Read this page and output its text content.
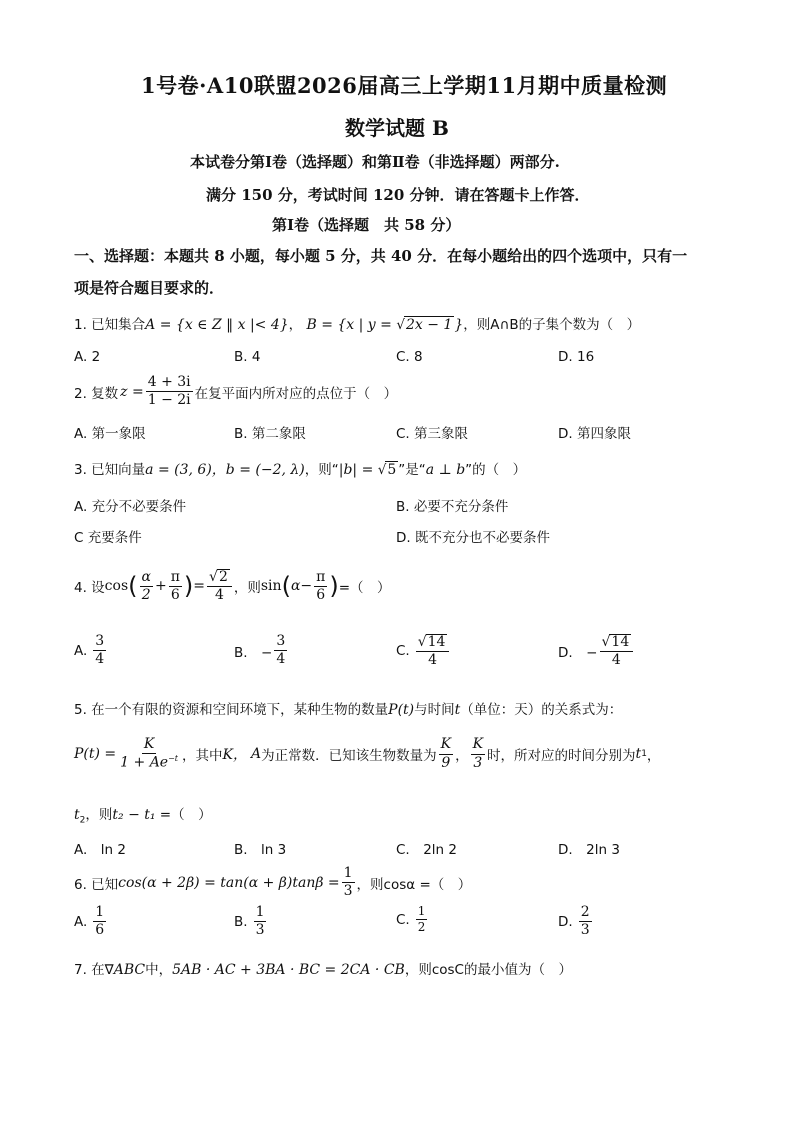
1号卷·A10联盟2026届高三上学期11月期中质量检测
数学试题 B
本试卷分第Ⅰ卷（选择题）和第Ⅱ卷（非选择题）两部分.
满分 150 分，考试时间 120 分钟．请在答题卡上作答．
第Ⅰ卷（选择题　共 58 分）
一、选择题：本题共 8 小题，每小题 5 分，共 40 分．在每小题给出的四个选项中，只有一
项是符合题目要求的．
1. 已知集合A = {x ∈ Z ‖ x |< 4}， B = {x | y = √2x − 1 }，则A∩B的子集个数为（　）
A. 2	B. 4	C. 8	D. 16
2. 复数 $z = \frac{4 + 3i}{1 - 2i}$ 在复平面内所对应的点位于（　）
A. 第一象限	B. 第二象限	C. 第三象限	D. 第四象限
3. 已知向量a = (3, 6)，b = (−2, λ)，则“|b| = √5 ”是“a ⊥ b”的（　）
A. 充分不必要条件	B. 必要不充分条件
C 充要条件	D. 既不充分也不必要条件
4. 设 cos ( $\frac{\alpha}{2} + \frac{\pi}{6}$ ) = $\frac{√2}{4}$ ，则 sin ( $\alpha - \frac{\pi}{6}$ ) =（　）
A. $\frac{3}{4}$	B.　− $\frac{3}{4}$	C. $\frac{√14}{4}$	D.　− $\frac{√14}{4}$
5. 在一个有限的资源和空间环境下，某种生物的数量P(t)与时间t（单位：天）的关系式为：
$P(t) = \frac{K}{1 + Ae^{-t}}$ ，其中 K， A 为正常数．已知该生物数量为 $\frac{K}{9}$ ， $\frac{K}{3}$ 时，所对应的时间分别为 t 1 ，
$t_2$，则t₂ − t₁ =（　）
A.　ln 2	B.　ln 3	C.　2ln 2	D.　2ln 3
6. 已知 $\cos(\alpha + 2\beta) = \tan(\alpha + \beta)\tan\beta = \frac{1}{3}$ ，则cosα =（　）
A. $\frac{1}{6}$	B. $\frac{1}{3}$	C. $\frac{1}{2}$	D. $\frac{2}{3}$
7. 在∇ABC中，5AB · AC + 3BA · BC = 2CA · CB，则cosC的最小值为（　）
